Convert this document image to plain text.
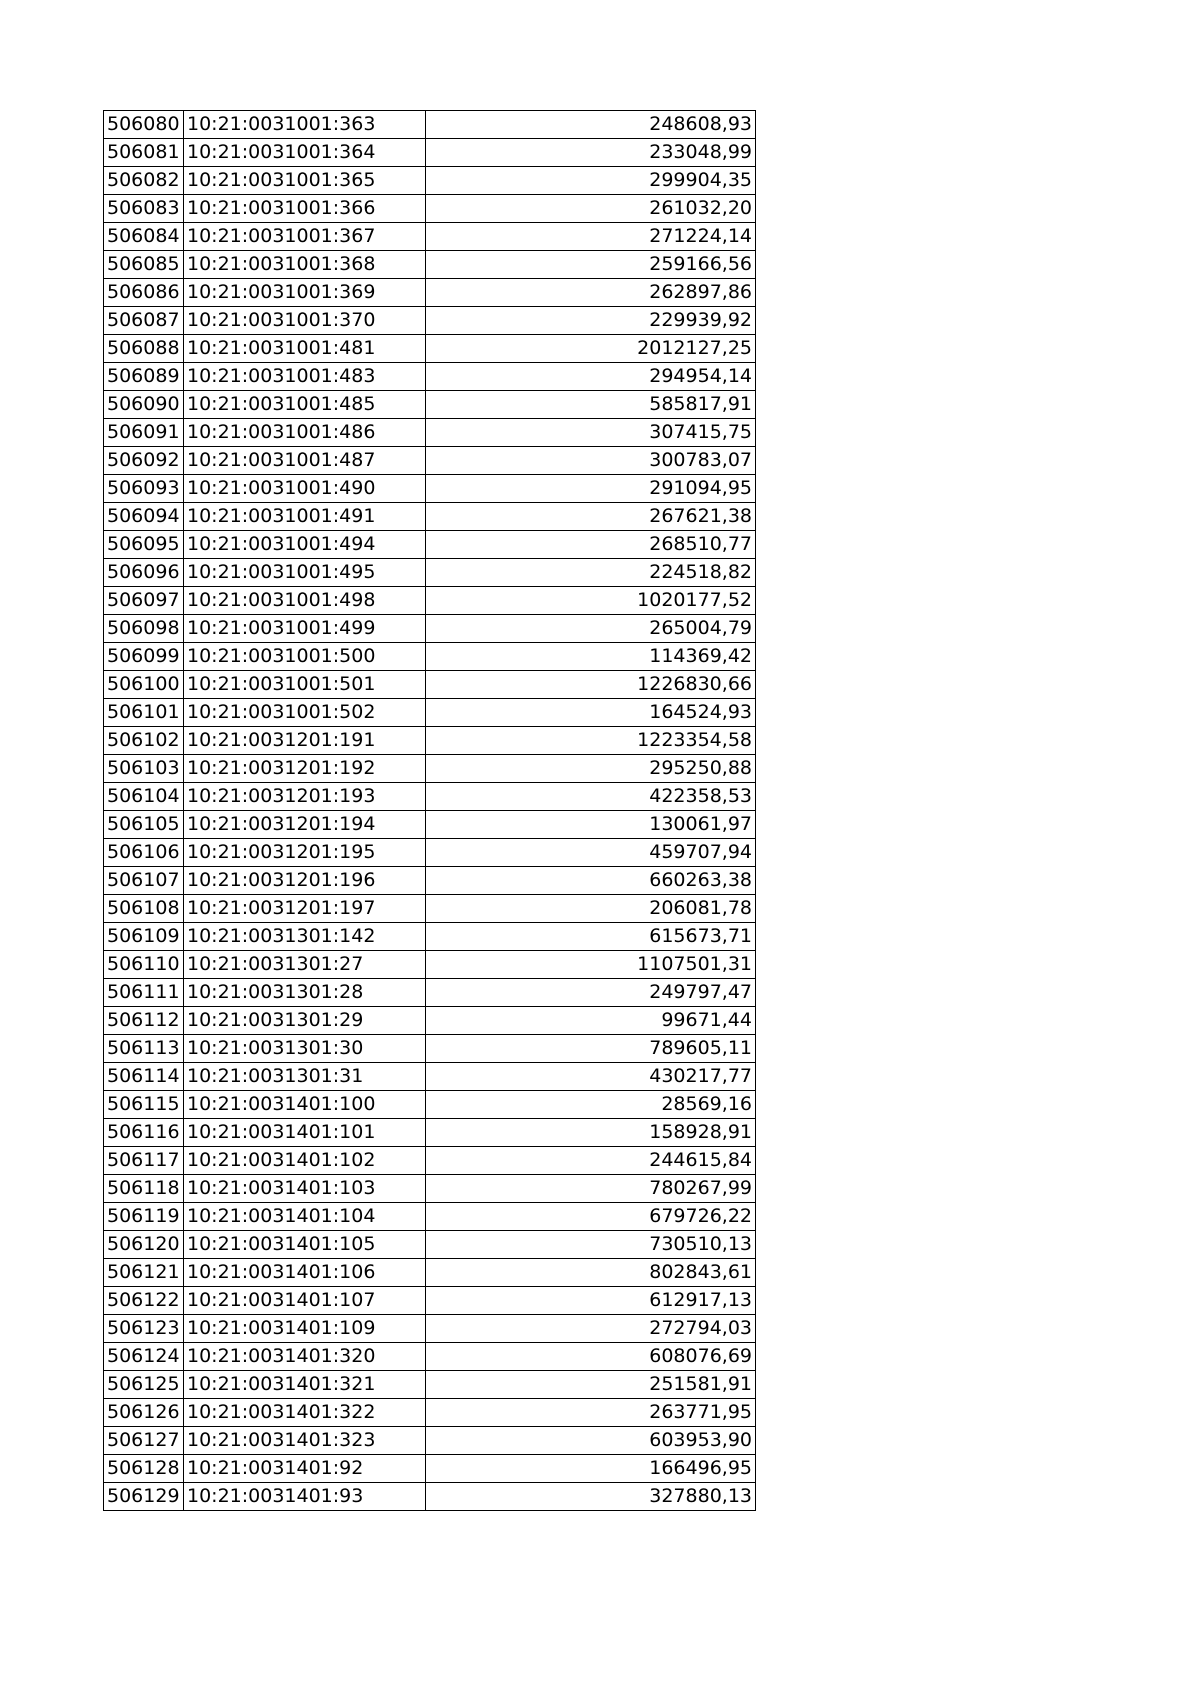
506080	10:21:0031001:363	248608,93
506081	10:21:0031001:364	233048,99
506082	10:21:0031001:365	299904,35
506083	10:21:0031001:366	261032,20
506084	10:21:0031001:367	271224,14
506085	10:21:0031001:368	259166,56
506086	10:21:0031001:369	262897,86
506087	10:21:0031001:370	229939,92
506088	10:21:0031001:481	2012127,25
506089	10:21:0031001:483	294954,14
506090	10:21:0031001:485	585817,91
506091	10:21:0031001:486	307415,75
506092	10:21:0031001:487	300783,07
506093	10:21:0031001:490	291094,95
506094	10:21:0031001:491	267621,38
506095	10:21:0031001:494	268510,77
506096	10:21:0031001:495	224518,82
506097	10:21:0031001:498	1020177,52
506098	10:21:0031001:499	265004,79
506099	10:21:0031001:500	114369,42
506100	10:21:0031001:501	1226830,66
506101	10:21:0031001:502	164524,93
506102	10:21:0031201:191	1223354,58
506103	10:21:0031201:192	295250,88
506104	10:21:0031201:193	422358,53
506105	10:21:0031201:194	130061,97
506106	10:21:0031201:195	459707,94
506107	10:21:0031201:196	660263,38
506108	10:21:0031201:197	206081,78
506109	10:21:0031301:142	615673,71
506110	10:21:0031301:27	1107501,31
506111	10:21:0031301:28	249797,47
506112	10:21:0031301:29	99671,44
506113	10:21:0031301:30	789605,11
506114	10:21:0031301:31	430217,77
506115	10:21:0031401:100	28569,16
506116	10:21:0031401:101	158928,91
506117	10:21:0031401:102	244615,84
506118	10:21:0031401:103	780267,99
506119	10:21:0031401:104	679726,22
506120	10:21:0031401:105	730510,13
506121	10:21:0031401:106	802843,61
506122	10:21:0031401:107	612917,13
506123	10:21:0031401:109	272794,03
506124	10:21:0031401:320	608076,69
506125	10:21:0031401:321	251581,91
506126	10:21:0031401:322	263771,95
506127	10:21:0031401:323	603953,90
506128	10:21:0031401:92	166496,95
506129	10:21:0031401:93	327880,13
